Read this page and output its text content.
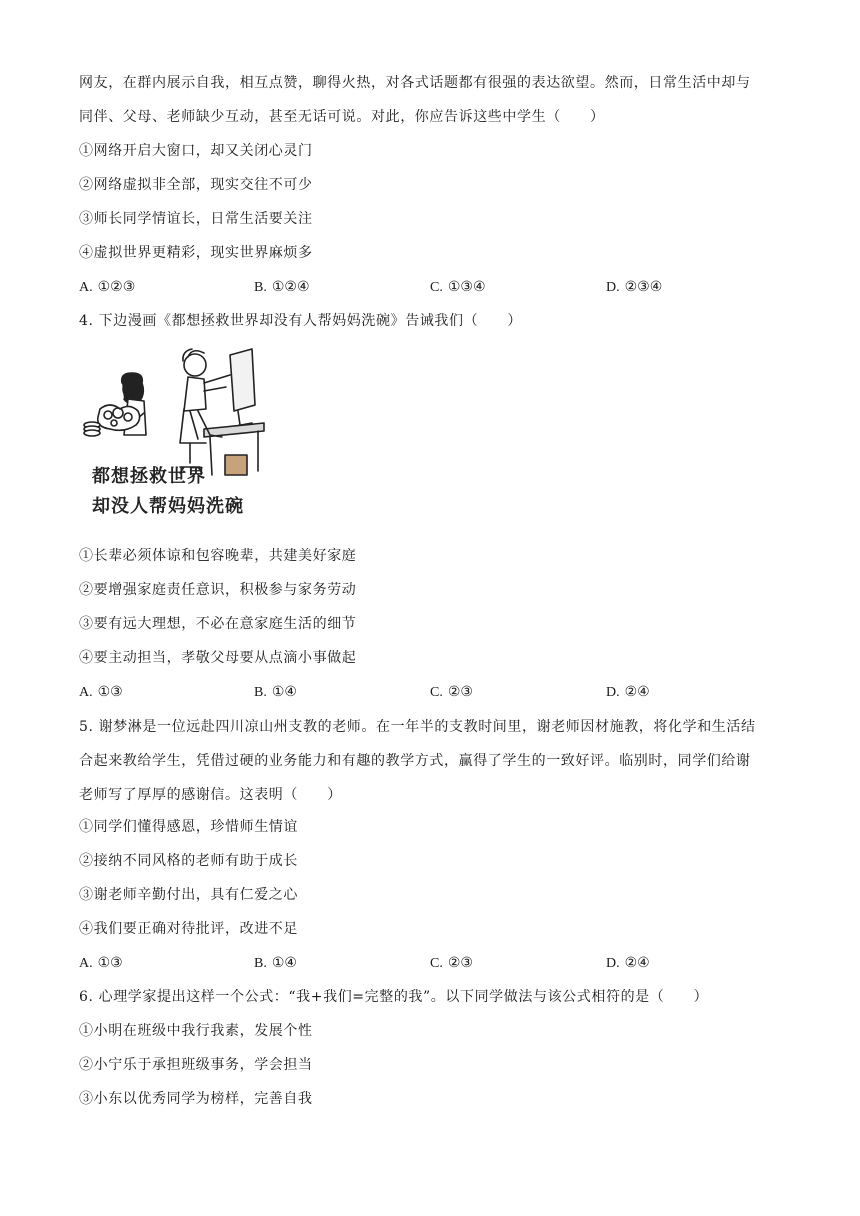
网友，在群内展示自我，相互点赞，聊得火热，对各式话题都有很强的表达欲望。然而，日常生活中却与
同伴、父母、老师缺少互动，甚至无话可说。对此，你应告诉这些中学生（　　）
①网络开启大窗口，却又关闭心灵门
②网络虚拟非全部，现实交往不可少
③师长同学情谊长，日常生活要关注
④虚拟世界更精彩，现实世界麻烦多
A. ①②③	B. ①②④	C. ①③④	D. ②③④
4. 下边漫画《都想拯救世界却没有人帮妈妈洗碗》告诫我们（　　）
都想拯救世界
却没人帮妈妈洗碗
①长辈必须体谅和包容晚辈，共建美好家庭
②要增强家庭责任意识，积极参与家务劳动
③要有远大理想，不必在意家庭生活的细节
④要主动担当，孝敬父母要从点滴小事做起
A. ①③	B. ①④	C. ②③	D. ②④
5. 谢梦淋是一位远赴四川凉山州支教的老师。在一年半的支教时间里，谢老师因材施教，将化学和生活结
合起来教给学生，凭借过硬的业务能力和有趣的教学方式，赢得了学生的一致好评。临别时，同学们给谢
老师写了厚厚的感谢信。这表明（　　）
①同学们懂得感恩，珍惜师生情谊
②接纳不同风格的老师有助于成长
③谢老师辛勤付出，具有仁爱之心
④我们要正确对待批评，改进不足
A. ①③	B. ①④	C. ②③	D. ②④
6. 心理学家提出这样一个公式：“我+我们=完整的我”。以下同学做法与该公式相符的是（　　）
①小明在班级中我行我素，发展个性
②小宁乐于承担班级事务，学会担当
③小东以优秀同学为榜样，完善自我
